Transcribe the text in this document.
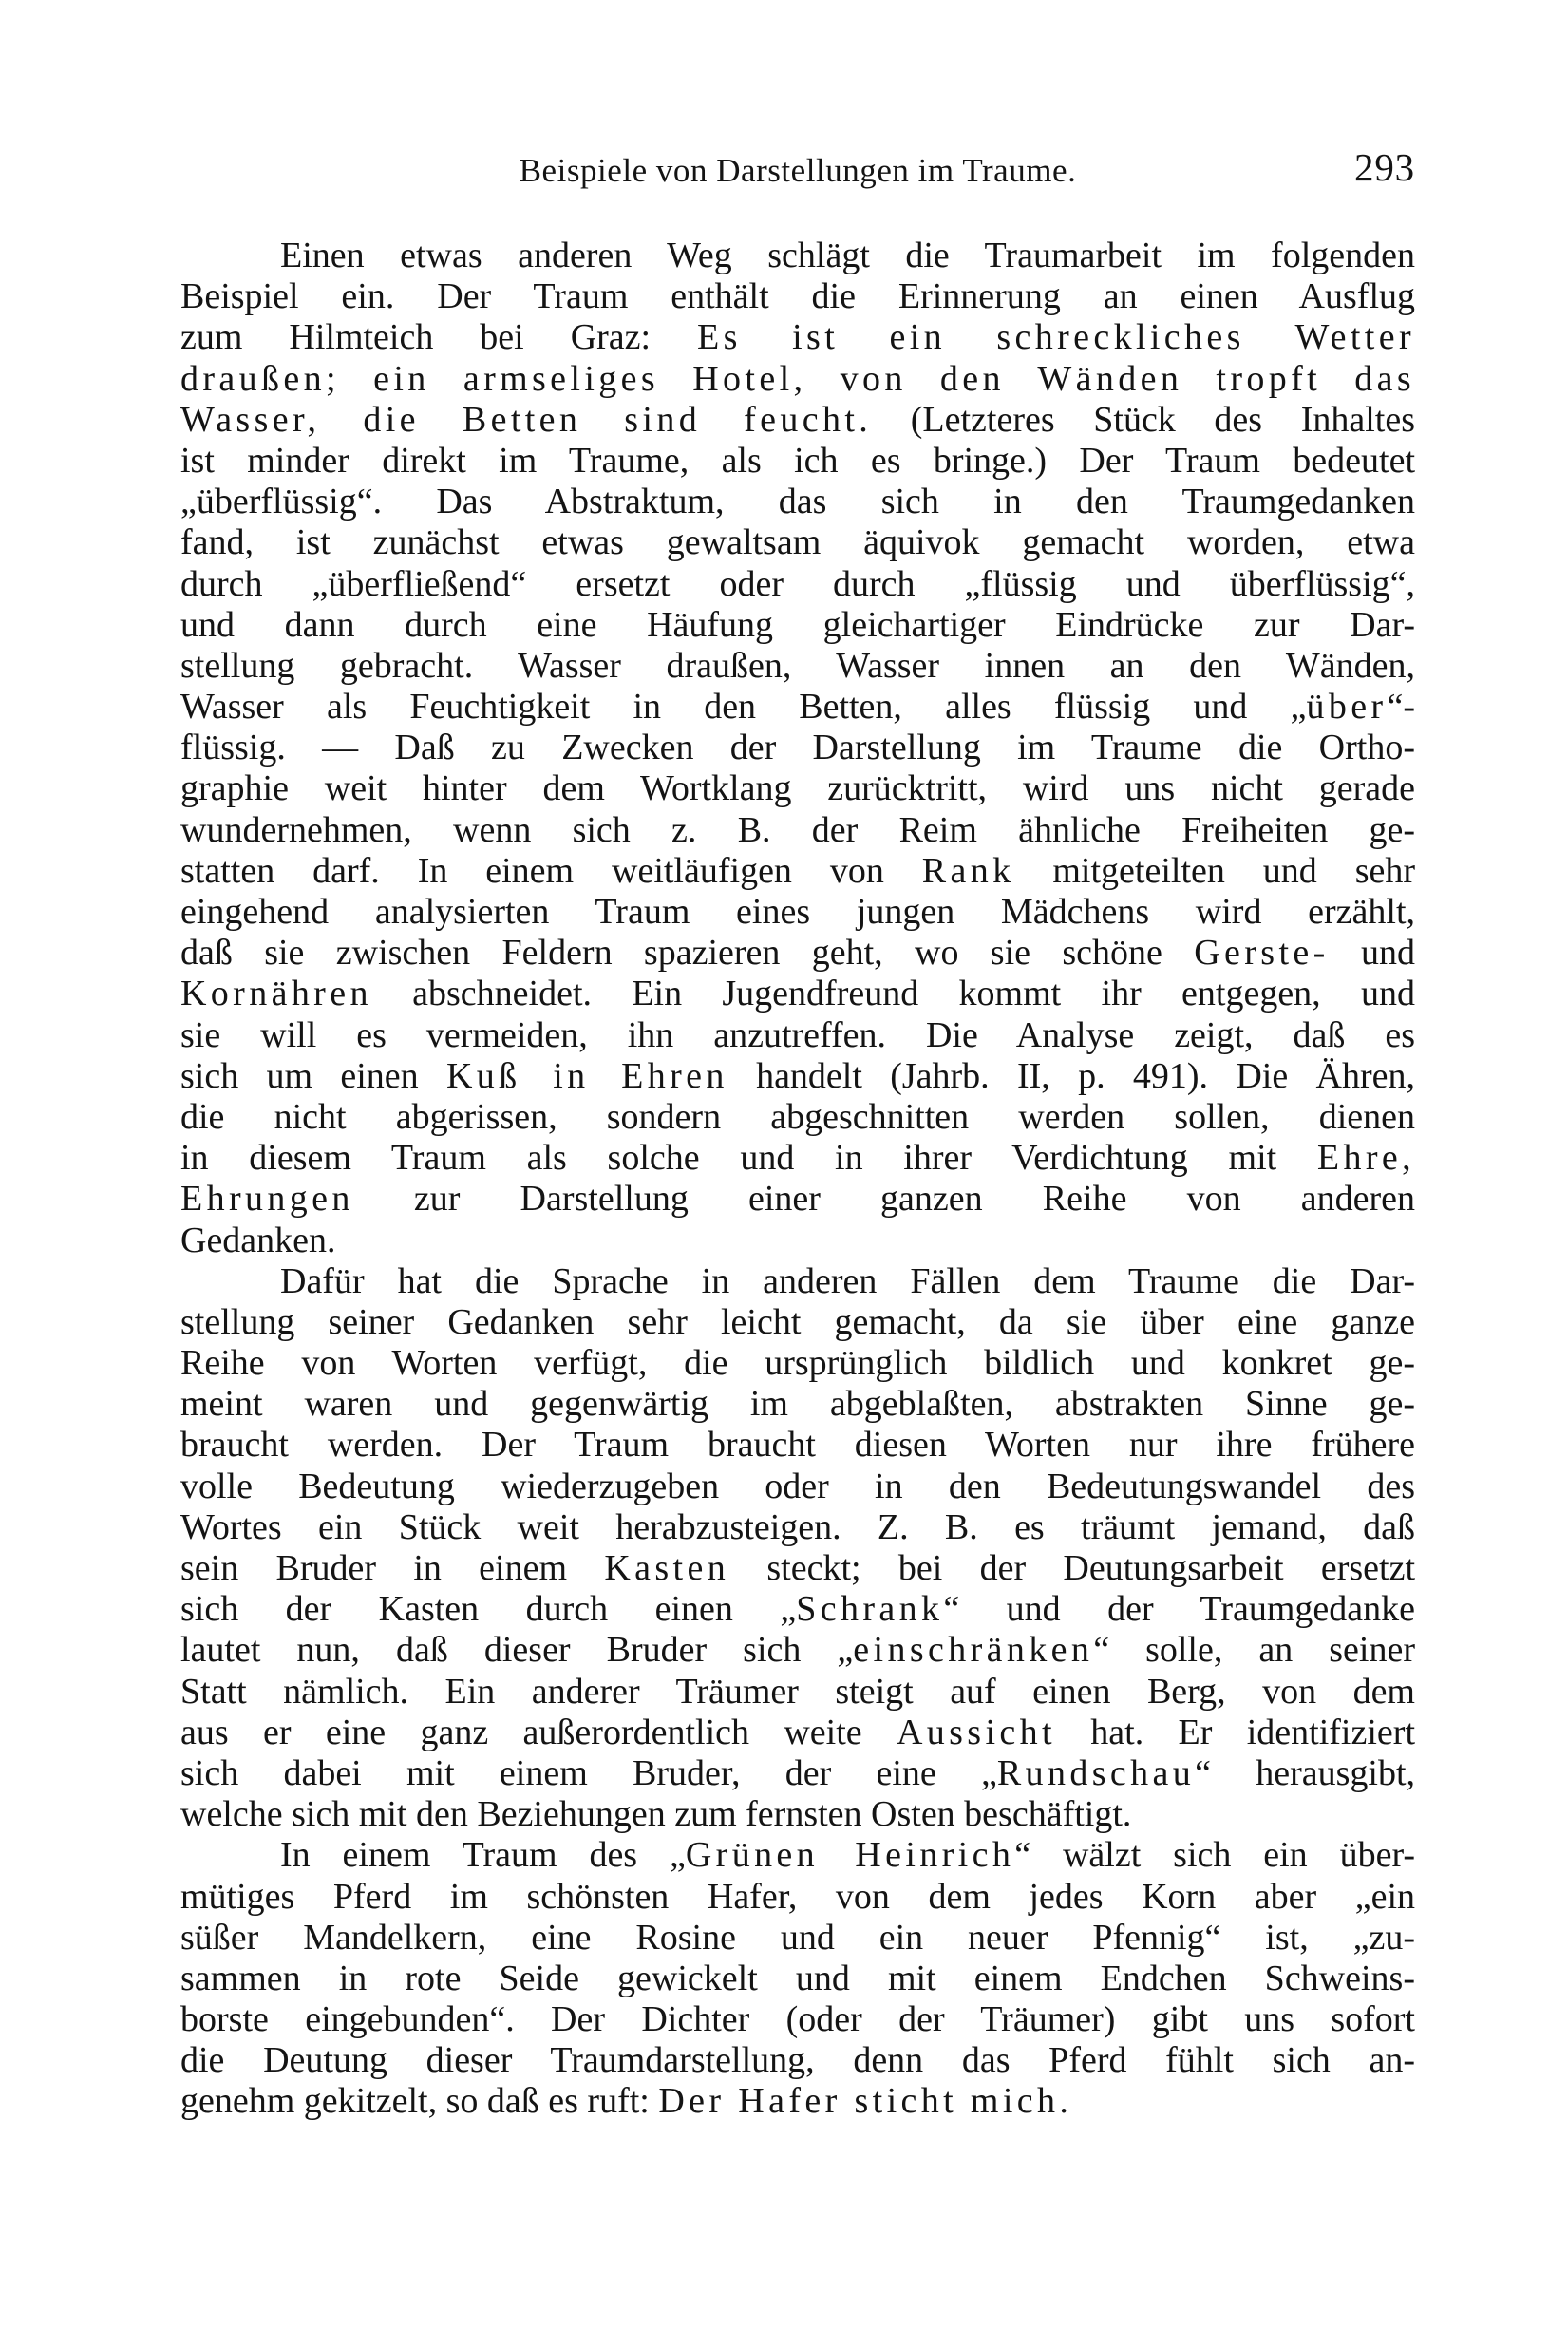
Beispiele von Darstellungen im Traume.	293
Einen etwas anderen Weg schlägt die Traumarbeit im folgenden
Beispiel ein. Der Traum enthält die Erinnerung an einen Ausflug
zum Hilmteich bei Graz: Es ist ein schreckliches Wetter
draußen; ein armseliges Hotel, von den Wänden tropft das
Wasser, die Betten sind feucht. (Letzteres Stück des Inhaltes
ist minder direkt im Traume, als ich es bringe.) Der Traum bedeutet
„überflüssig“. Das Abstraktum, das sich in den Traumgedanken
fand, ist zunächst etwas gewaltsam äquivok gemacht worden, etwa
durch „überfließend“ ersetzt oder durch „flüssig und überflüssig“,
und dann durch eine Häufung gleichartiger Eindrücke zur Dar-
stellung gebracht. Wasser draußen, Wasser innen an den Wänden,
Wasser als Feuchtigkeit in den Betten, alles flüssig und „über“-
flüssig. — Daß zu Zwecken der Darstellung im Traume die Ortho-
graphie weit hinter dem Wortklang zurücktritt, wird uns nicht gerade
wundernehmen, wenn sich z. B. der Reim ähnliche Freiheiten ge-
statten darf. In einem weitläufigen von Rank mitgeteilten und sehr
eingehend analysierten Traum eines jungen Mädchens wird erzählt,
daß sie zwischen Feldern spazieren geht, wo sie schöne Gerste- und
Kornähren abschneidet. Ein Jugendfreund kommt ihr entgegen, und
sie will es vermeiden, ihn anzutreffen. Die Analyse zeigt, daß es
sich um einen Kuß in Ehren handelt (Jahrb. II, p. 491). Die Ähren,
die nicht abgerissen, sondern abgeschnitten werden sollen, dienen
in diesem Traum als solche und in ihrer Verdichtung mit Ehre,
Ehrungen zur Darstellung einer ganzen Reihe von anderen
Gedanken.
Dafür hat die Sprache in anderen Fällen dem Traume die Dar-
stellung seiner Gedanken sehr leicht gemacht, da sie über eine ganze
Reihe von Worten verfügt, die ursprünglich bildlich und konkret ge-
meint waren und gegenwärtig im abgeblaßten, abstrakten Sinne ge-
braucht werden. Der Traum braucht diesen Worten nur ihre frühere
volle Bedeutung wiederzugeben oder in den Bedeutungswandel des
Wortes ein Stück weit herabzusteigen. Z. B. es träumt jemand, daß
sein Bruder in einem Kasten steckt; bei der Deutungsarbeit ersetzt
sich der Kasten durch einen „Schrank“ und der Traumgedanke
lautet nun, daß dieser Bruder sich „einschränken“ solle, an seiner
Statt nämlich. Ein anderer Träumer steigt auf einen Berg, von dem
aus er eine ganz außerordentlich weite Aussicht hat. Er identifiziert
sich dabei mit einem Bruder, der eine „Rundschau“ herausgibt,
welche sich mit den Beziehungen zum fernsten Osten beschäftigt.
In einem Traum des „Grünen Heinrich“ wälzt sich ein über-
mütiges Pferd im schönsten Hafer, von dem jedes Korn aber „ein
süßer Mandelkern, eine Rosine und ein neuer Pfennig“ ist, „zu-
sammen in rote Seide gewickelt und mit einem Endchen Schweins-
borste eingebunden“. Der Dichter (oder der Träumer) gibt uns sofort
die Deutung dieser Traumdarstellung, denn das Pferd fühlt sich an-
genehm gekitzelt, so daß es ruft: Der Hafer sticht mich.
